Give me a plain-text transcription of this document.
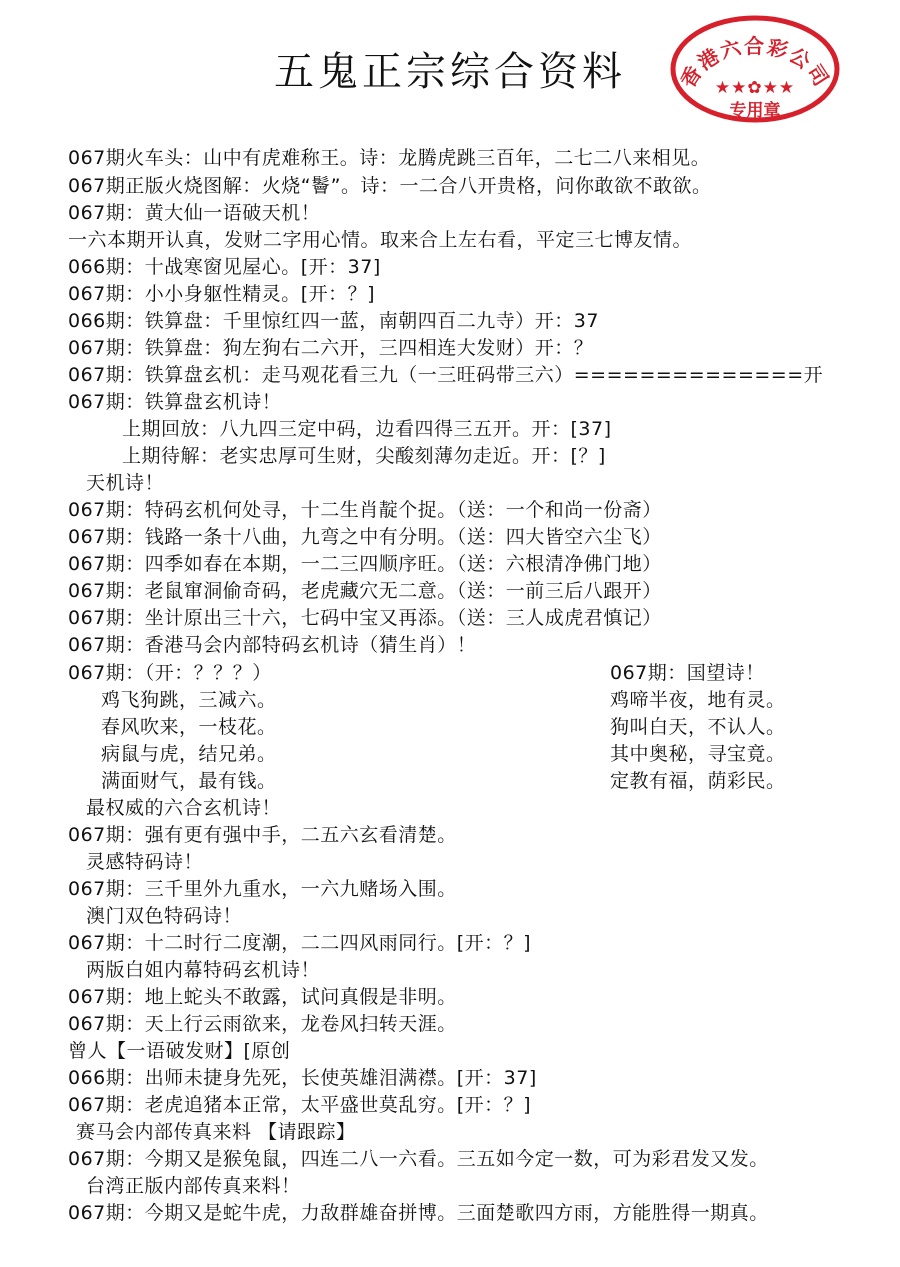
五鬼正宗综合资料	香港六合彩公司
★★✿★★
专用章
067期火车头：山中有虎难称王。诗：龙腾虎跳三百年，二七二八来相见。
067期正版火烧图解：火烧“鬠”。诗：一二合八开贵格，问你敢欲不敢欲。
067期：黄大仙一语破天机！
一六本期开认真，发财二字用心情。取来合上左右看，平定三七博友情。
066期：十战寒窗见屋心。[开：37]
067期：小小身躯性精灵。[开：？]
066期：铁算盘：千里惊红四一蓝，南朝四百二九寺）开：37
067期：铁算盘：狗左狗右二六开，三四相连大发财）开：？
067期：铁算盘玄机：走马观花看三九（一三旺码带三六）==============开
067期：铁算盘玄机诗！
上期回放：八九四三定中码，边看四得三五开。开：[37]
上期待解：老实忠厚可生财，尖酸刻薄勿走近。开：[？]
天机诗！
067期：特码玄机何处寻，十二生肖靛个捉。（送：一个和尚一份斋）
067期：钱路一条十八曲，九弯之中有分明。（送：四大皆空六尘飞）
067期：四季如春在本期，一二三四顺序旺。（送：六根清净佛门地）
067期：老鼠窜洞偷奇码，老虎藏穴无二意。（送：一前三后八跟开）
067期：坐计原出三十六，七码中宝又再添。（送：三人成虎君慎记）
067期：香港马会内部特码玄机诗（猜生肖）！
067期：（开：？？？）
鸡飞狗跳，三减六。
春风吹来，一枝花。
病鼠与虎，结兄弟。
满面财气，最有钱。
最权威的六合玄机诗！
067期：强有更有强中手，二五六玄看清楚。
灵感特码诗！
067期：三千里外九重水，一六九赌场入围。
澳门双色特码诗！
067期：十二时行二度潮，二二四风雨同行。[开：？]
两版白姐内幕特码玄机诗！
067期：地上蛇头不敢露，试问真假是非明。
067期：天上行云雨欲来，龙卷风扫转天涯。
曾人【一语破发财】[原创
066期：出师未捷身先死，长使英雄泪满襟。[开：37]
067期：老虎追猪本正常，太平盛世莫乱穷。[开：？]
赛马会内部传真来料 【请跟踪】
067期：今期又是猴兔鼠，四连二八一六看。三五如今定一数，可为彩君发又发。
台湾正版内部传真来料！
067期：今期又是蛇牛虎，力敌群雄奋拼博。三面楚歌四方雨，方能胜得一期真。
067期：国望诗！
鸡啼半夜，地有灵。
狗叫白天，不认人。
其中奥秘，寻宝竟。
定教有福，荫彩民。
